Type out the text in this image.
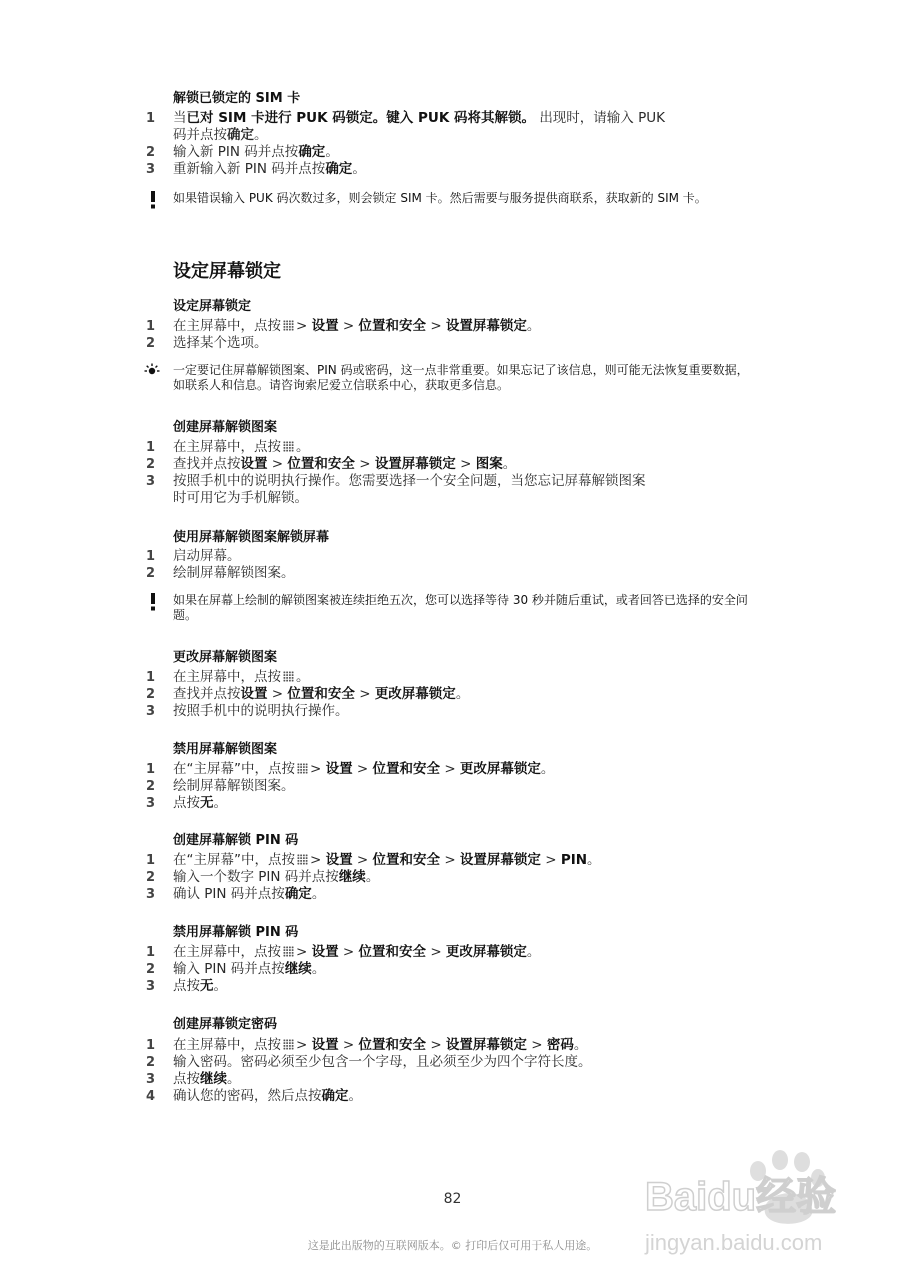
解锁已锁定的 SIM 卡
1	当已对 SIM 卡进行 PUK 码锁定。键入 PUK 码将其解锁。 出现时，请输入 PUK
码并点按确定。
2	输入新 PIN 码并点按确定。
3	重新输入新 PIN 码并点按确定。
如果错误输入 PUK 码次数过多，则会锁定 SIM 卡。然后需要与服务提供商联系，获取新的 SIM 卡。
设定屏幕锁定
设定屏幕锁定
1	在主屏幕中，点按 > 设置 > 位置和安全 > 设置屏幕锁定。
2	选择某个选项。
一定要记住屏幕解锁图案、PIN 码或密码，这一点非常重要。如果忘记了该信息，则可能无法恢复重要数据，如联系人和信息。请咨询索尼爱立信联系中心，获取更多信息。
创建屏幕解锁图案
1	在主屏幕中，点按 。
2	查找并点按设置 > 位置和安全 > 设置屏幕锁定 > 图案。
3	按照手机中的说明执行操作。您需要选择一个安全问题，当您忘记屏幕解锁图案
时可用它为手机解锁。
使用屏幕解锁图案解锁屏幕
1	启动屏幕。
2	绘制屏幕解锁图案。
如果在屏幕上绘制的解锁图案被连续拒绝五次，您可以选择等待 30 秒并随后重试，或者回答已选择的安全问题。
更改屏幕解锁图案
1	在主屏幕中，点按 。
2	查找并点按设置 > 位置和安全 > 更改屏幕锁定。
3	按照手机中的说明执行操作。
禁用屏幕解锁图案
1	在“主屏幕”中，点按 > 设置 > 位置和安全 > 更改屏幕锁定。
2	绘制屏幕解锁图案。
3	点按无。
创建屏幕解锁 PIN 码
1	在“主屏幕”中，点按 > 设置 > 位置和安全 > 设置屏幕锁定 > PIN。
2	输入一个数字 PIN 码并点按继续。
3	确认 PIN 码并点按确定。
禁用屏幕解锁 PIN 码
1	在主屏幕中，点按 > 设置 > 位置和安全 > 更改屏幕锁定。
2	输入 PIN 码并点按继续。
3	点按无。
创建屏幕锁定密码
1	在主屏幕中，点按 > 设置 > 位置和安全 > 设置屏幕锁定 > 密码。
2	输入密码。密码必须至少包含一个字母，且必须至少为四个字符长度。
3	点按继续。
4	确认您的密码，然后点按确定。
82
这是此出版物的互联网版本。© 打印后仅可用于私人用途。
Baidu经验
jingyan.baidu.com
